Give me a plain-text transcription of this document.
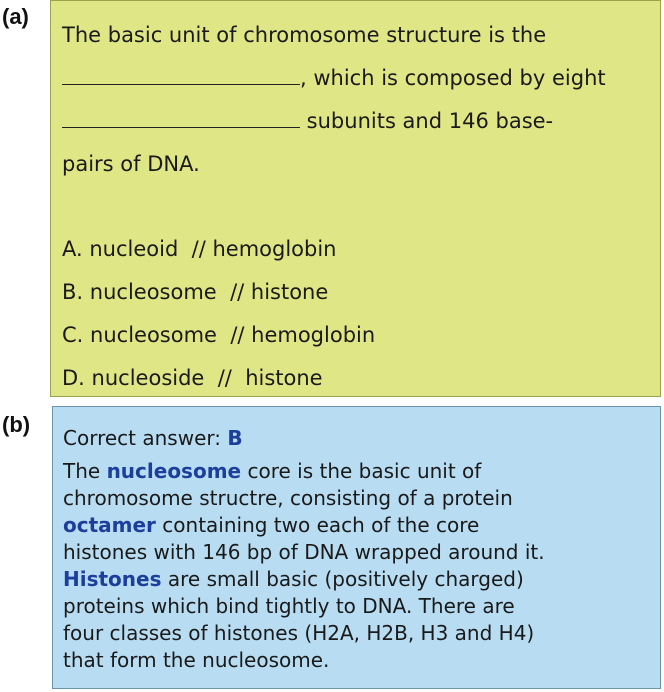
(a)
(b)
The basic unit of chromosome structure is the
, which is composed by eight
subunits and 146 base-
pairs of DNA.
A. nucleoid  // hemoglobin
B. nucleosome  // histone
C. nucleosome  // hemoglobin
D. nucleoside  //  histone
Correct answer: B
The nucleosome core is the basic unit of
chromosome structre, consisting of a protein
octamer containing two each of the core
histones with 146 bp of DNA wrapped around it.
Histones are small basic (positively charged)
proteins which bind tightly to DNA. There are
four classes of histones (H2A, H2B, H3 and H4)
that form the nucleosome.
